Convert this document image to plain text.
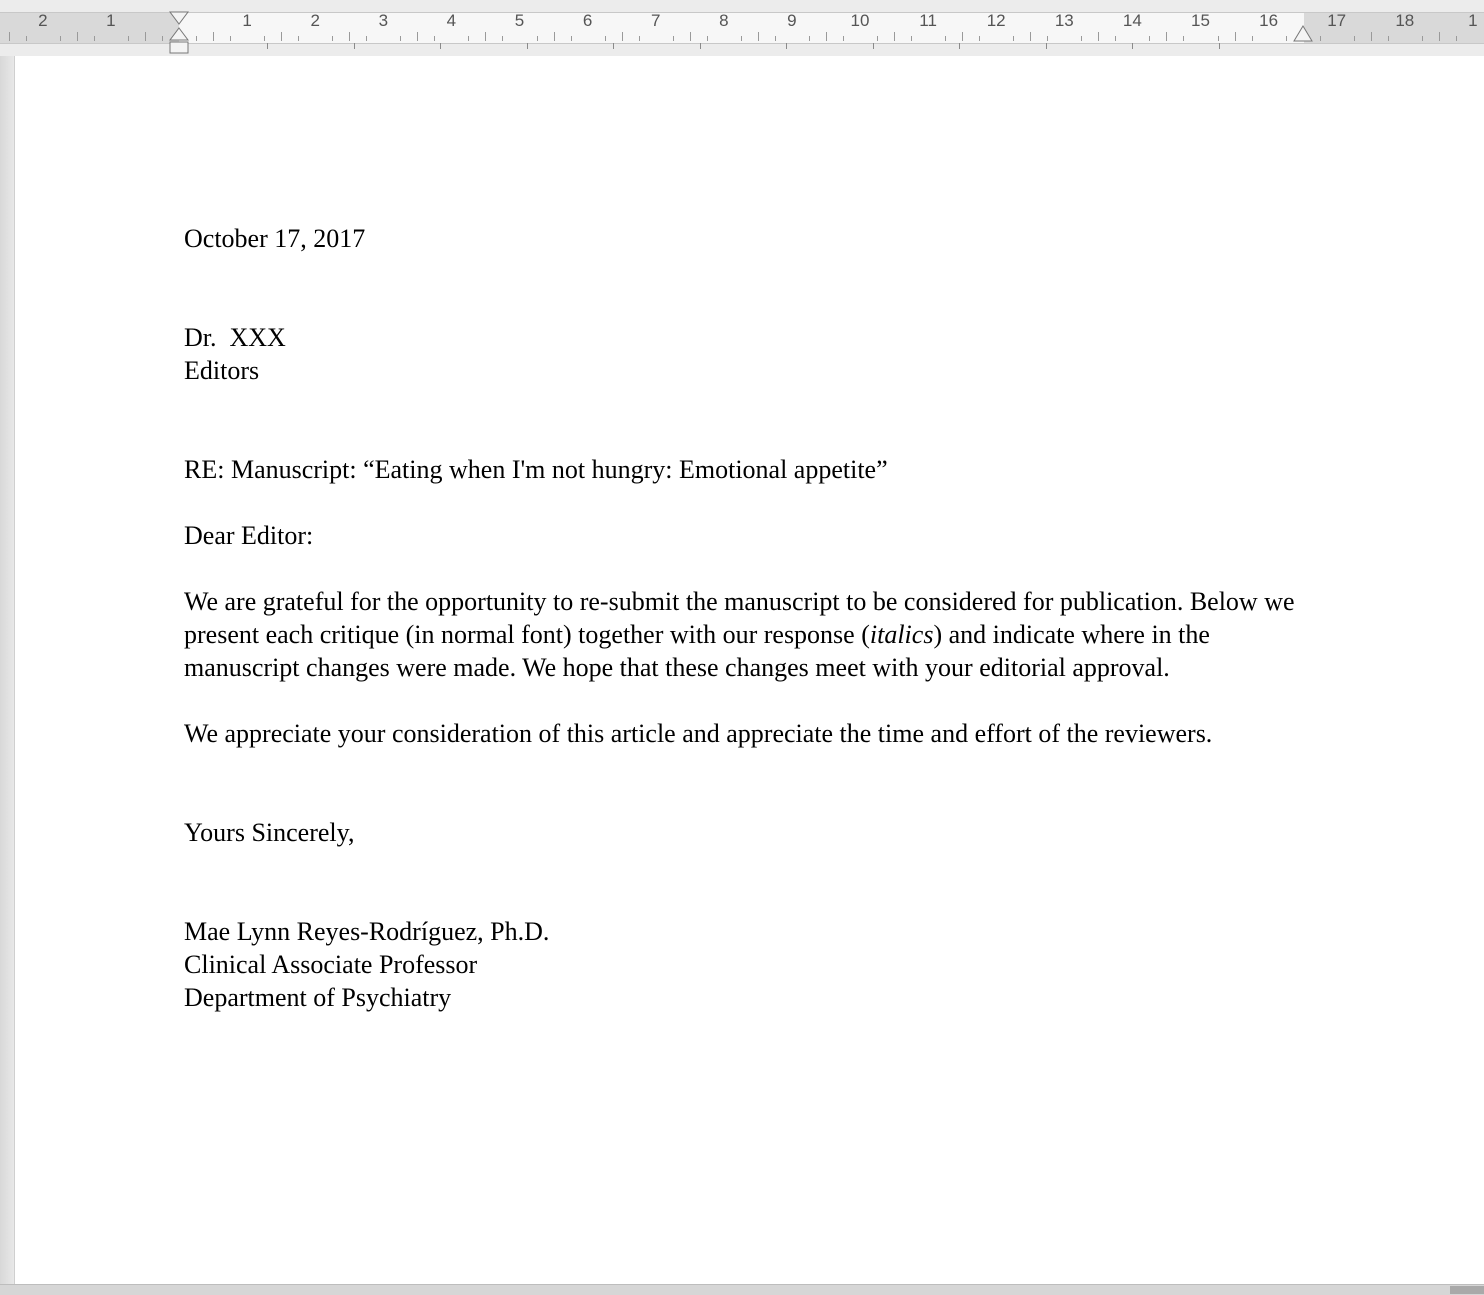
2	1	1	2	3	4	5	6	7	8	9	10	11	12	13	14	15	16	17	18	1

October 17, 2017

Dr.  XXX

Editors

RE: Manuscript: “Eating when I'm not hungry: Emotional appetite”

Dear Editor:

We are grateful for the opportunity to re-submit the manuscript to be considered for publication. Below we present each critique (in normal font) together with our response (italics) and indicate where in the manuscript changes were made. We hope that these changes meet with your editorial approval.

We appreciate your consideration of this article and appreciate the time and effort of the reviewers.

Yours Sincerely,

Mae Lynn Reyes-Rodríguez, Ph.D.

Clinical Associate Professor

Department of Psychiatry
